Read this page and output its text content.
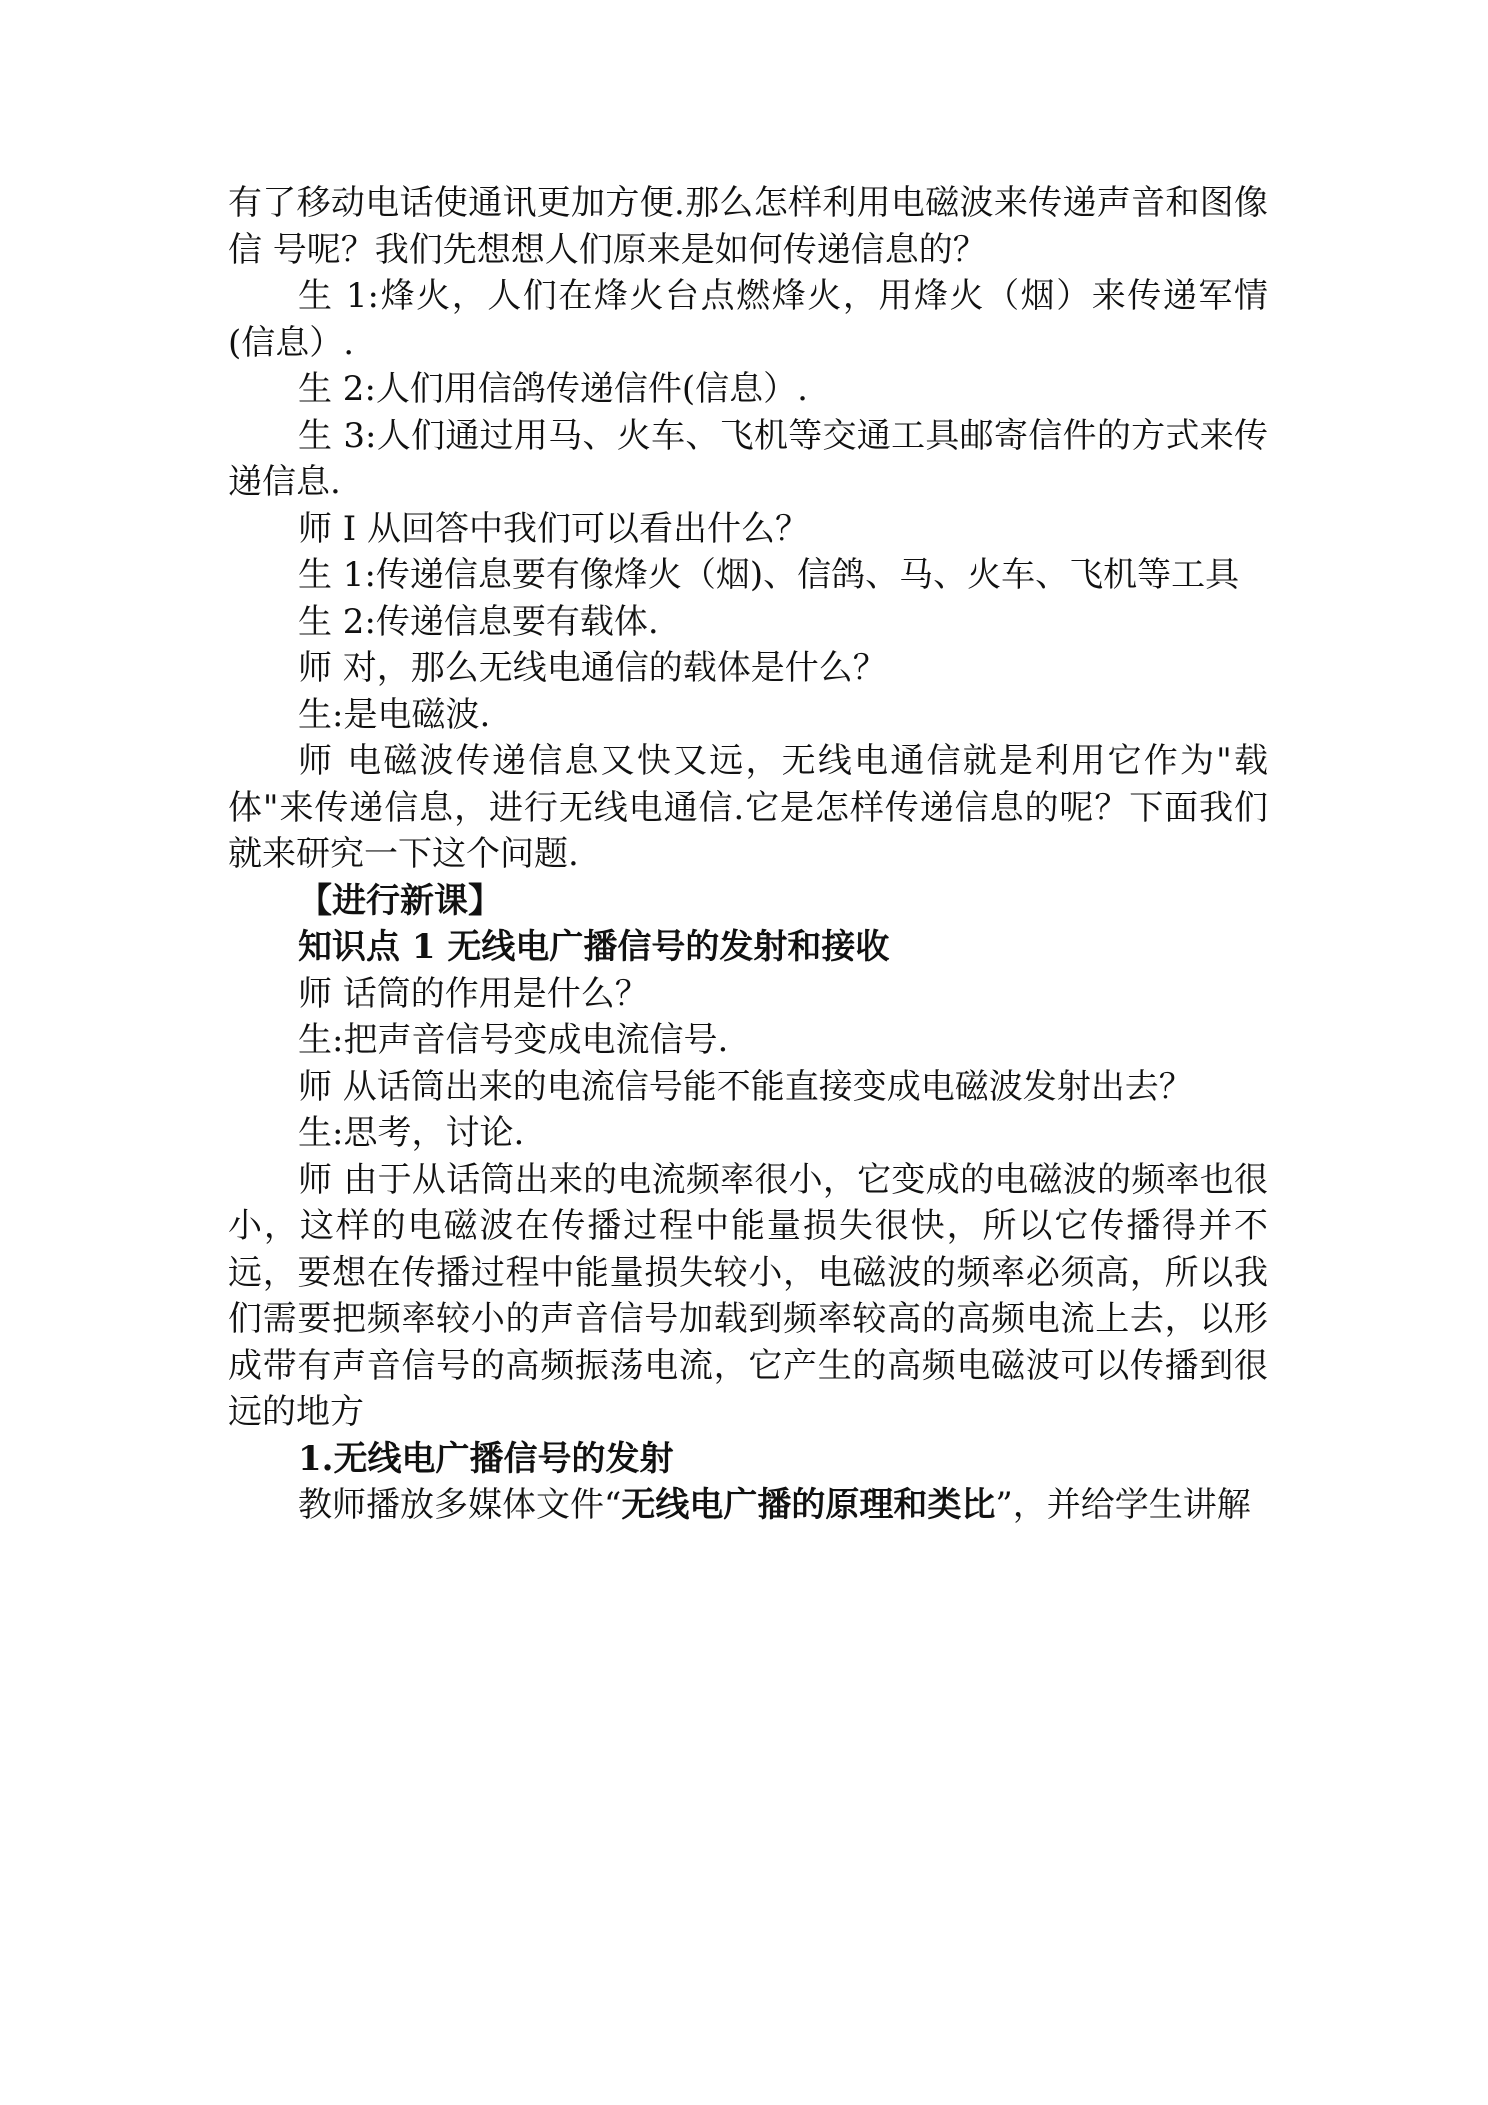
有了移动电话使通讯更加方便.那么怎样利用电磁波来传递声音和图像信 号呢？我们先想想人们原来是如何传递信息的？

生 1:烽火，人们在烽火台点燃烽火，用烽火（烟）来传递军情(信息）.

生 2:人们用信鸽传递信件(信息）.

生 3:人们通过用马、火车、飞机等交通工具邮寄信件的方式来传递信息.

师 I 从回答中我们可以看出什么？

生 1:传递信息要有像烽火（烟)、信鸽、马、火车、飞机等工具

生 2:传递信息要有载体.

师 对，那么无线电通信的载体是什么？

生:是电磁波.

师 电磁波传递信息又快又远，无线电通信就是利用它作为"载体"来传递信息，进行无线电通信.它是怎样传递信息的呢？下面我们就来研究一下这个问题.

【进行新课】

知识点 1 无线电广播信号的发射和接收

师 话筒的作用是什么？

生:把声音信号变成电流信号.

师 从话筒出来的电流信号能不能直接变成电磁波发射出去？

生:思考，讨论.

师 由于从话筒出来的电流频率很小，它变成的电磁波的频率也很小，这样的电磁波在传播过程中能量损失很快，所以它传播得并不远，要想在传播过程中能量损失较小，电磁波的频率必须高，所以我们需要把频率较小的声音信号加载到频率较高的高频电流上去，以形成带有声音信号的高频振荡电流，它产生的高频电磁波可以传播到很远的地方

1.无线电广播信号的发射

教师播放多媒体文件“无线电广播的原理和类比”，并给学生讲解
